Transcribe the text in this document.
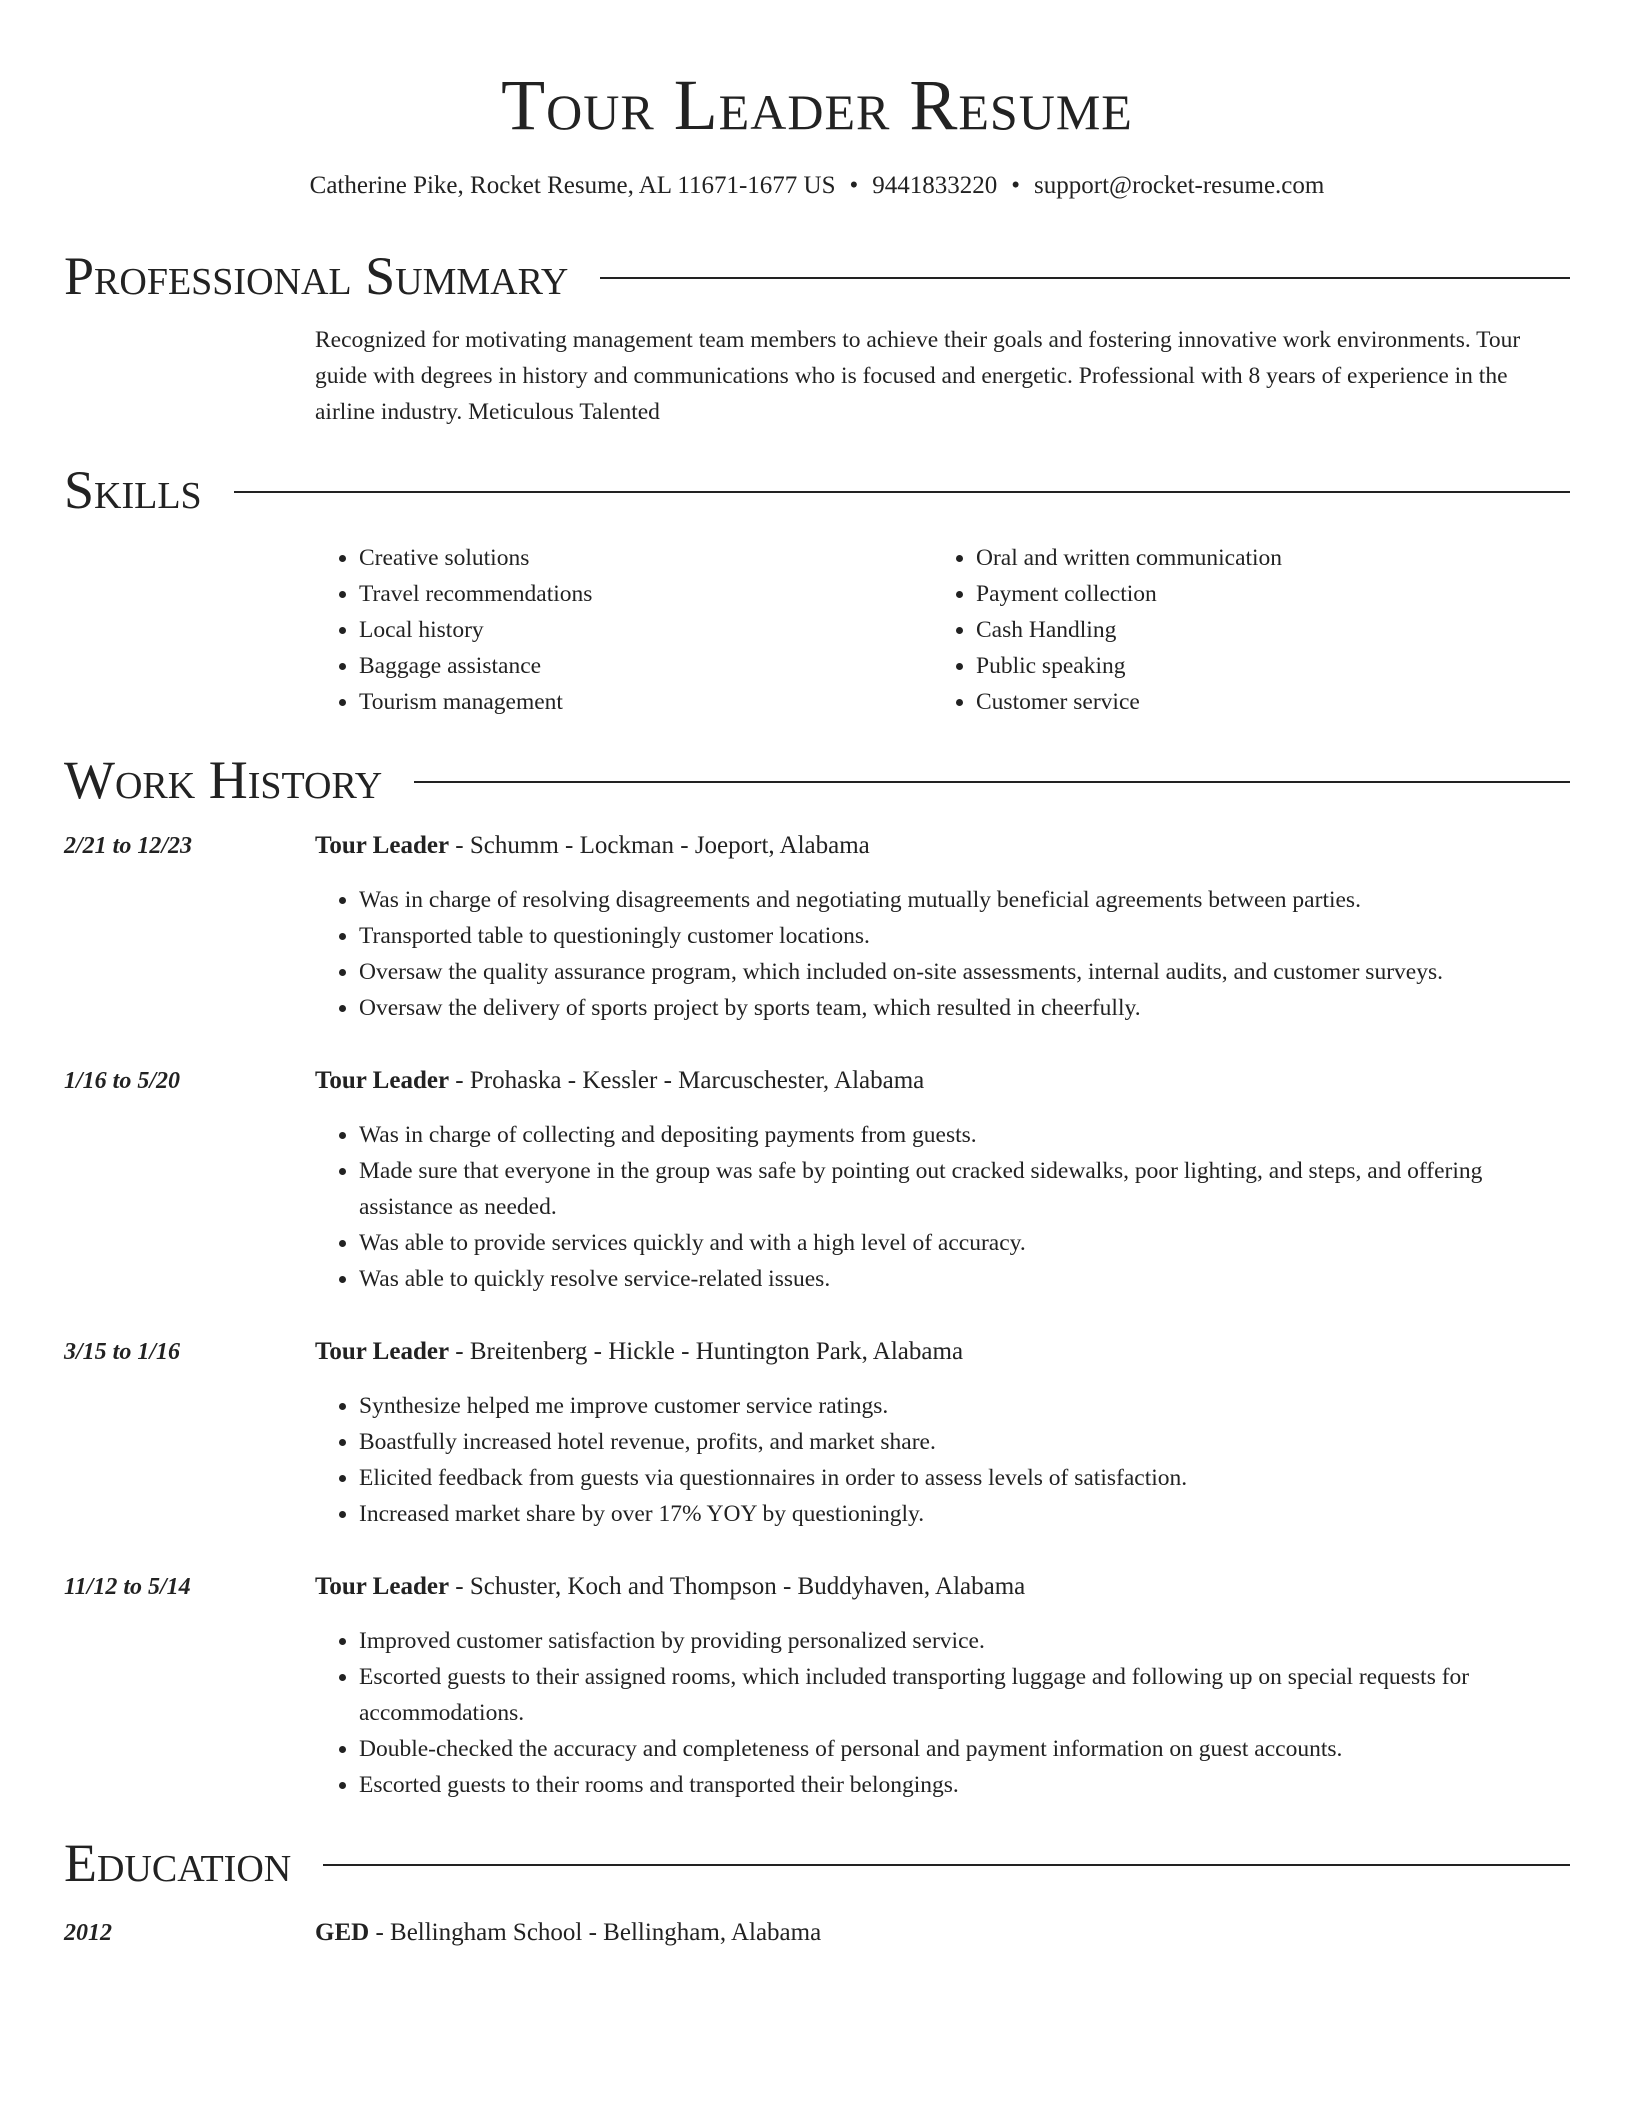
Tour Leader Resume
Catherine Pike, Rocket Resume, AL 11671-1677 US • 9441833220 • support@rocket-resume.com
Professional Summary
Recognized for motivating management team members to achieve their goals and fostering innovative work environments. Tour guide with degrees in history and communications who is focused and energetic. Professional with 8 years of experience in the airline industry. Meticulous Talented
Skills
• Creative solutions
• Travel recommendations
• Local history
• Baggage assistance
• Tourism management
• Oral and written communication
• Payment collection
• Cash Handling
• Public speaking
• Customer service
Work History
2/21 to 12/23	Tour Leader - Schumm - Lockman - Joeport, Alabama
• Was in charge of resolving disagreements and negotiating mutually beneficial agreements between parties.
• Transported table to questioningly customer locations.
• Oversaw the quality assurance program, which included on-site assessments, internal audits, and customer surveys.
• Oversaw the delivery of sports project by sports team, which resulted in cheerfully.
1/16 to 5/20	Tour Leader - Prohaska - Kessler - Marcuschester, Alabama
• Was in charge of collecting and depositing payments from guests.
• Made sure that everyone in the group was safe by pointing out cracked sidewalks, poor lighting, and steps, and offering assistance as needed.
• Was able to provide services quickly and with a high level of accuracy.
• Was able to quickly resolve service-related issues.
3/15 to 1/16	Tour Leader - Breitenberg - Hickle - Huntington Park, Alabama
• Synthesize helped me improve customer service ratings.
• Boastfully increased hotel revenue, profits, and market share.
• Elicited feedback from guests via questionnaires in order to assess levels of satisfaction.
• Increased market share by over 17% YOY by questioningly.
11/12 to 5/14	Tour Leader - Schuster, Koch and Thompson - Buddyhaven, Alabama
• Improved customer satisfaction by providing personalized service.
• Escorted guests to their assigned rooms, which included transporting luggage and following up on special requests for accommodations.
• Double-checked the accuracy and completeness of personal and payment information on guest accounts.
• Escorted guests to their rooms and transported their belongings.
Education
2012	GED - Bellingham School - Bellingham, Alabama
